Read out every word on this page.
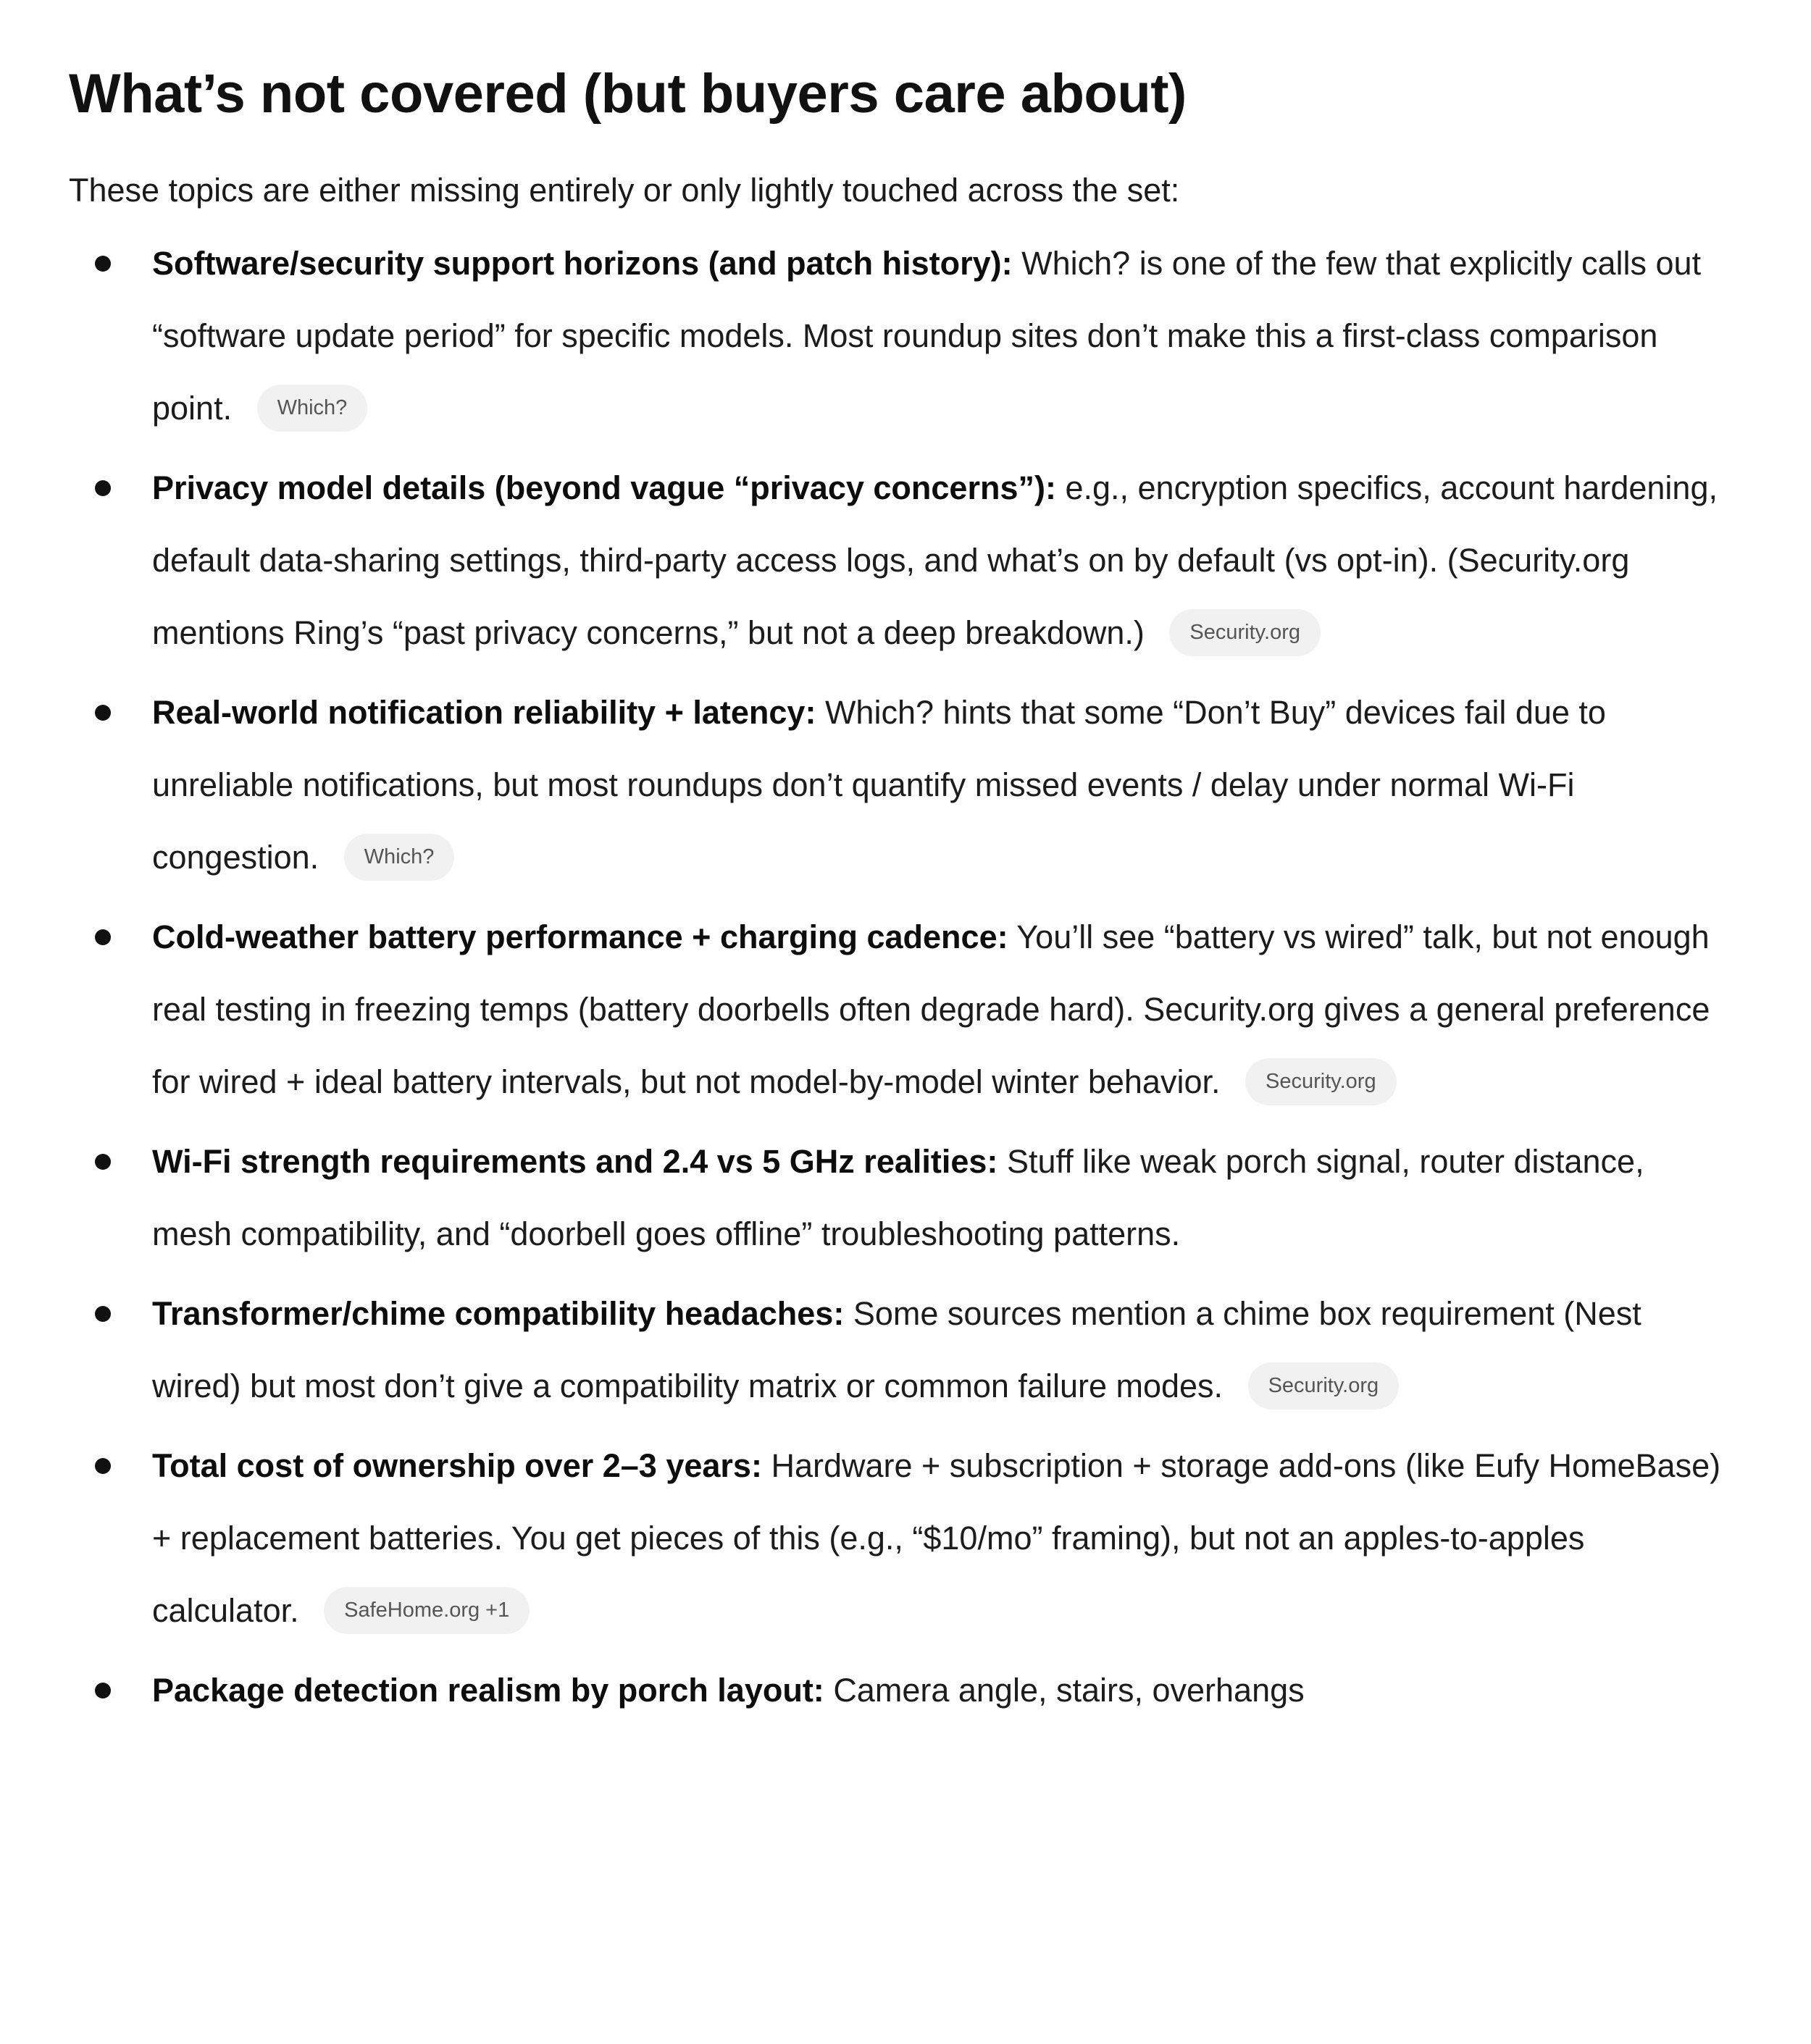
What’s not covered (but buyers care about)

These topics are either missing entirely or only lightly touched across the set:

Software/security support horizons (and patch history): Which? is one of the few that explicitly calls out “software update period” for specific models. Most roundup sites don’t make this a first-class comparison point. Which?
Privacy model details (beyond vague “privacy concerns”): e.g., encryption specifics, account hardening, default data-sharing settings, third-party access logs, and what’s on by default (vs opt-in). (Security.org mentions Ring’s “past privacy concerns,” but not a deep breakdown.) Security.org
Real-world notification reliability + latency: Which? hints that some “Don’t Buy” devices fail due to unreliable notifications, but most roundups don’t quantify missed events / delay under normal Wi-Fi congestion. Which?
Cold-weather battery performance + charging cadence: You’ll see “battery vs wired” talk, but not enough real testing in freezing temps (battery doorbells often degrade hard). Security.org gives a general preference for wired + ideal battery intervals, but not model-by-model winter behavior. Security.org
Wi-Fi strength requirements and 2.4 vs 5 GHz realities: Stuff like weak porch signal, router distance, mesh compatibility, and “doorbell goes offline” troubleshooting patterns.
Transformer/chime compatibility headaches: Some sources mention a chime box requirement (Nest wired) but most don’t give a compatibility matrix or common failure modes. Security.org
Total cost of ownership over 2–3 years: Hardware + subscription + storage add-ons (like Eufy HomeBase) + replacement batteries. You get pieces of this (e.g., “$10/mo” framing), but not an apples-to-apples calculator. SafeHome.org +1
Package detection realism by porch layout: Camera angle, stairs, overhangs
